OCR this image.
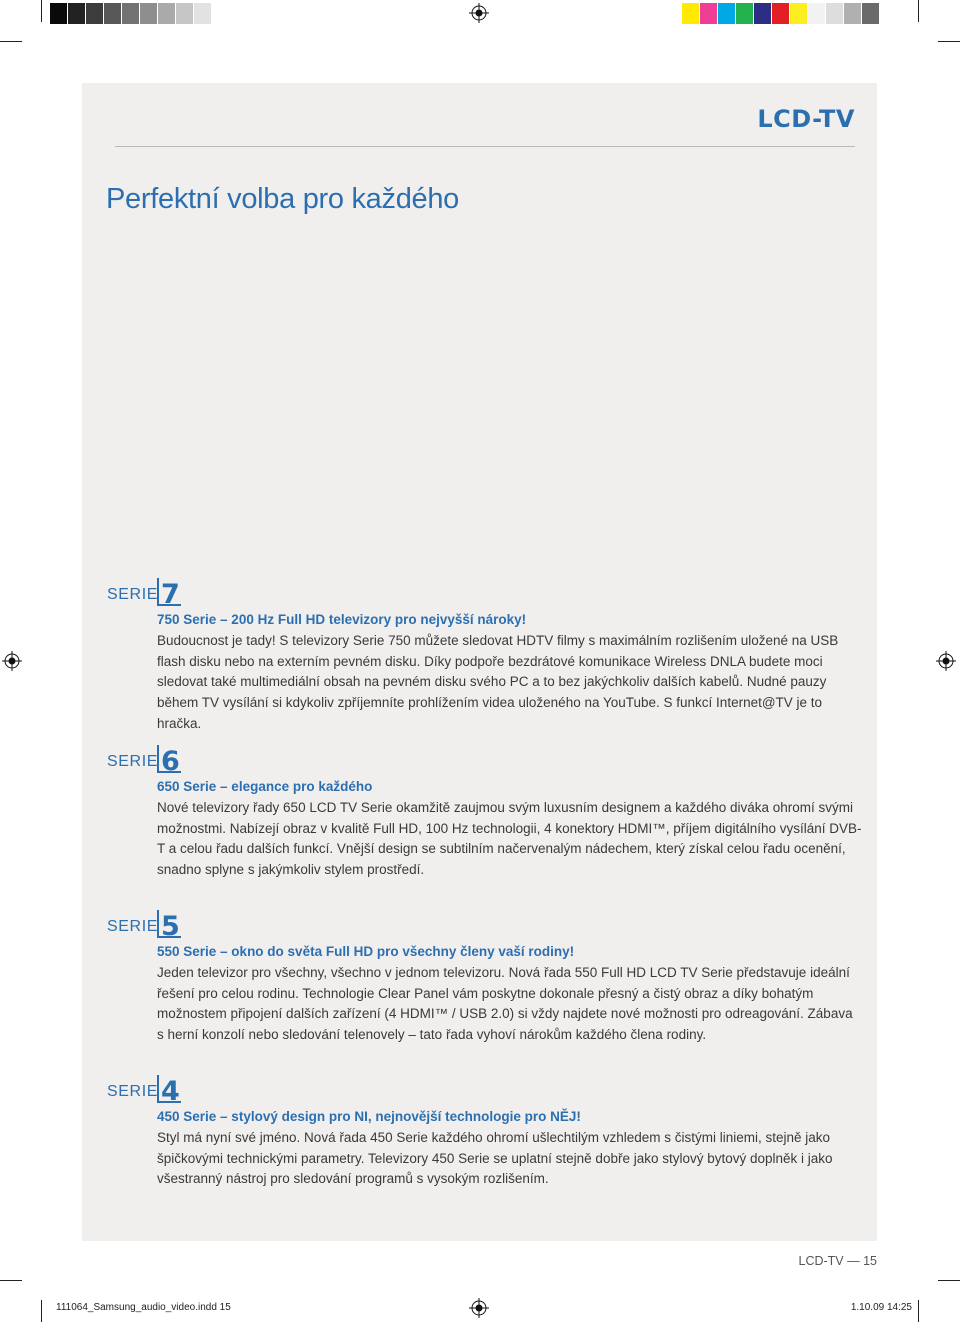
LCD-TV
Perfektní volba pro každého
SERIE 7
750 Serie – 200 Hz Full HD televizory pro nejvyšší nároky!
Budoucnost je tady! S televizory Serie 750 můžete sledovat HDTV filmy s maximálním rozlišením uložené na USB flash disku nebo na externím pevném disku. Díky podpoře bezdrátové komunikace Wireless DNLA budete moci sledovat také multimediální obsah na pevném disku svého PC a to bez jakýchkoliv dalších kabelů. Nudné pauzy během TV vysílání si kdykoliv zpříjemníte prohlížením videa uloženého na YouTube. S funkcí Internet@TV je to hračka.
SERIE 6
650 Serie – elegance pro každého
Nové televizory řady 650 LCD TV Serie okamžitě zaujmou svým luxusním designem a každého diváka ohromí svými možnostmi. Nabízejí obraz v kvalitě Full HD, 100 Hz technologii, 4 konektory HDMI™, příjem digitálního vysílání DVB-T a celou řadu dalších funkcí. Vnější design se subtilním načervenalým nádechem, který získal celou řadu ocenění, snadno splyne s jakýmkoliv stylem prostředí.
SERIE 5
550 Serie – okno do světa Full HD pro všechny členy vaší rodiny!
Jeden televizor pro všechny, všechno v jednom televizoru. Nová řada 550 Full HD LCD TV Serie představuje ideální řešení pro celou rodinu. Technologie Clear Panel vám poskytne dokonale přesný a čistý obraz a díky bohatým možnostem připojení dalších zařízení (4 HDMI™ / USB 2.0) si vždy najdete nové možnosti pro odreagování. Zábava s herní konzolí nebo sledování telenovely – tato řada vyhoví nárokům každého člena rodiny.
SERIE 4
450 Serie – stylový design pro NI, nejnovější technologie pro NĚJ!
Styl má nyní své jméno. Nová řada 450 Serie každého ohromí ušlechtilým vzhledem s čistými liniemi, stejně jako špičkovými technickými parametry. Televizory 450 Serie se uplatní stejně dobře jako stylový bytový doplněk i jako všestranný nástroj pro sledování programů s vysokým rozlišením.
LCD-TV — 15
111064_Samsung_audio_video.indd 15	1.10.09 14:25
